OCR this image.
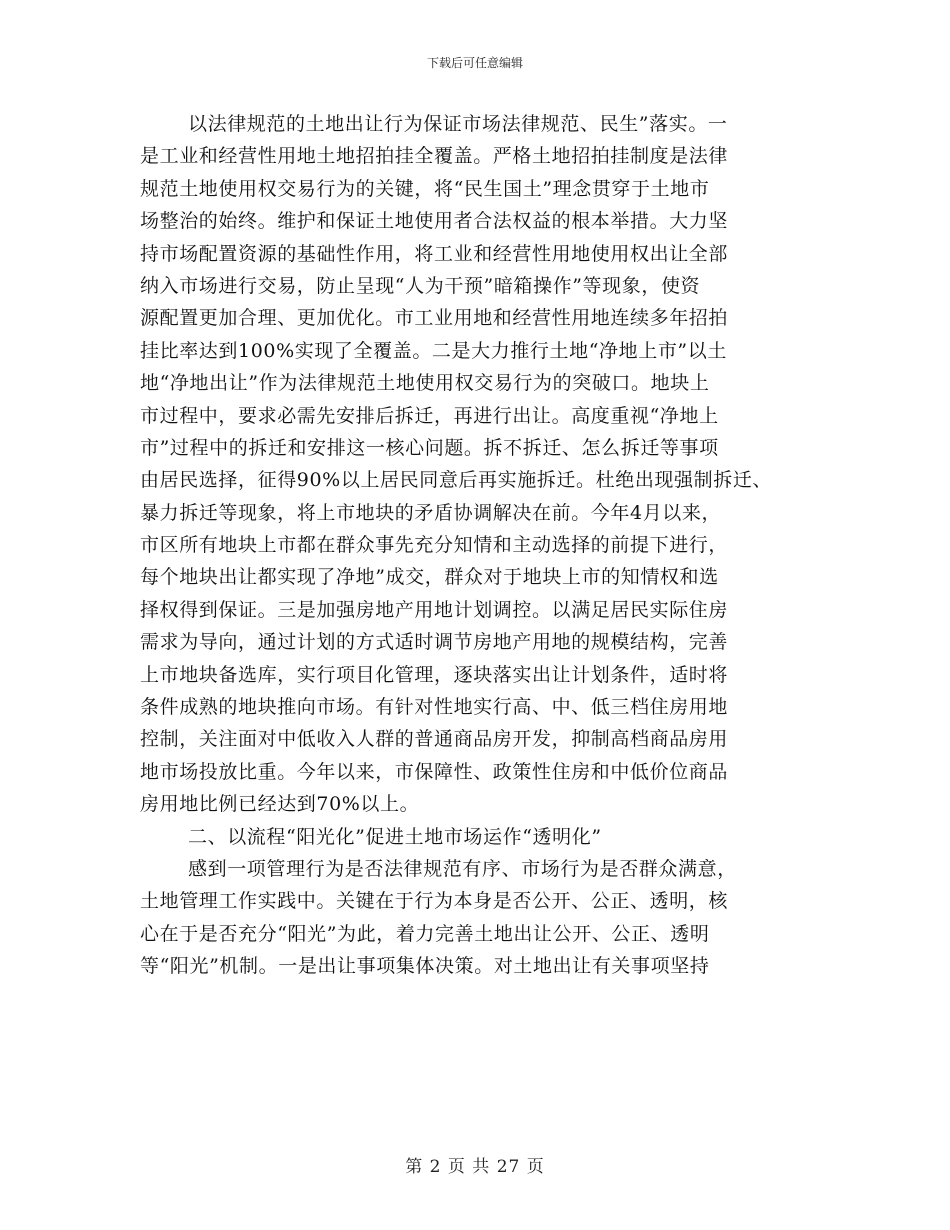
下载后可任意编辑
以法律规范的土地出让行为保证市场法律规范、民生”落实。一
是工业和经营性用地土地招拍挂全覆盖。严格土地招拍挂制度是法律
规范土地使用权交易行为的关键，将“民生国土”理念贯穿于土地市
场整治的始终。维护和保证土地使用者合法权益的根本举措。大力坚
持市场配置资源的基础性作用，将工业和经营性用地使用权出让全部
纳入市场进行交易，防止呈现“人为干预”暗箱操作”等现象，使资
源配置更加合理、更加优化。市工业用地和经营性用地连续多年招拍
挂比率达到100%实现了全覆盖。二是大力推行土地“净地上市”以土
地“净地出让”作为法律规范土地使用权交易行为的突破口。地块上
市过程中，要求必需先安排后拆迁，再进行出让。高度重视“净地上
市”过程中的拆迁和安排这一核心问题。拆不拆迁、怎么拆迁等事项
由居民选择，征得90%以上居民同意后再实施拆迁。杜绝出现强制拆迁、
暴力拆迁等现象，将上市地块的矛盾协调解决在前。今年4月以来，
市区所有地块上市都在群众事先充分知情和主动选择的前提下进行，
每个地块出让都实现了净地”成交，群众对于地块上市的知情权和选
择权得到保证。三是加强房地产用地计划调控。以满足居民实际住房
需求为导向，通过计划的方式适时调节房地产用地的规模结构，完善
上市地块备选库，实行项目化管理，逐块落实出让计划条件，适时将
条件成熟的地块推向市场。有针对性地实行高、中、低三档住房用地
控制，关注面对中低收入人群的普通商品房开发，抑制高档商品房用
地市场投放比重。今年以来，市保障性、政策性住房和中低价位商品
房用地比例已经达到70%以上。
二、以流程“阳光化”促进土地市场运作“透明化”
感到一项管理行为是否法律规范有序、市场行为是否群众满意，
土地管理工作实践中。关键在于行为本身是否公开、公正、透明，核
心在于是否充分“阳光”为此，着力完善土地出让公开、公正、透明
等“阳光”机制。一是出让事项集体决策。对土地出让有关事项坚持
第 2 页 共 27 页
